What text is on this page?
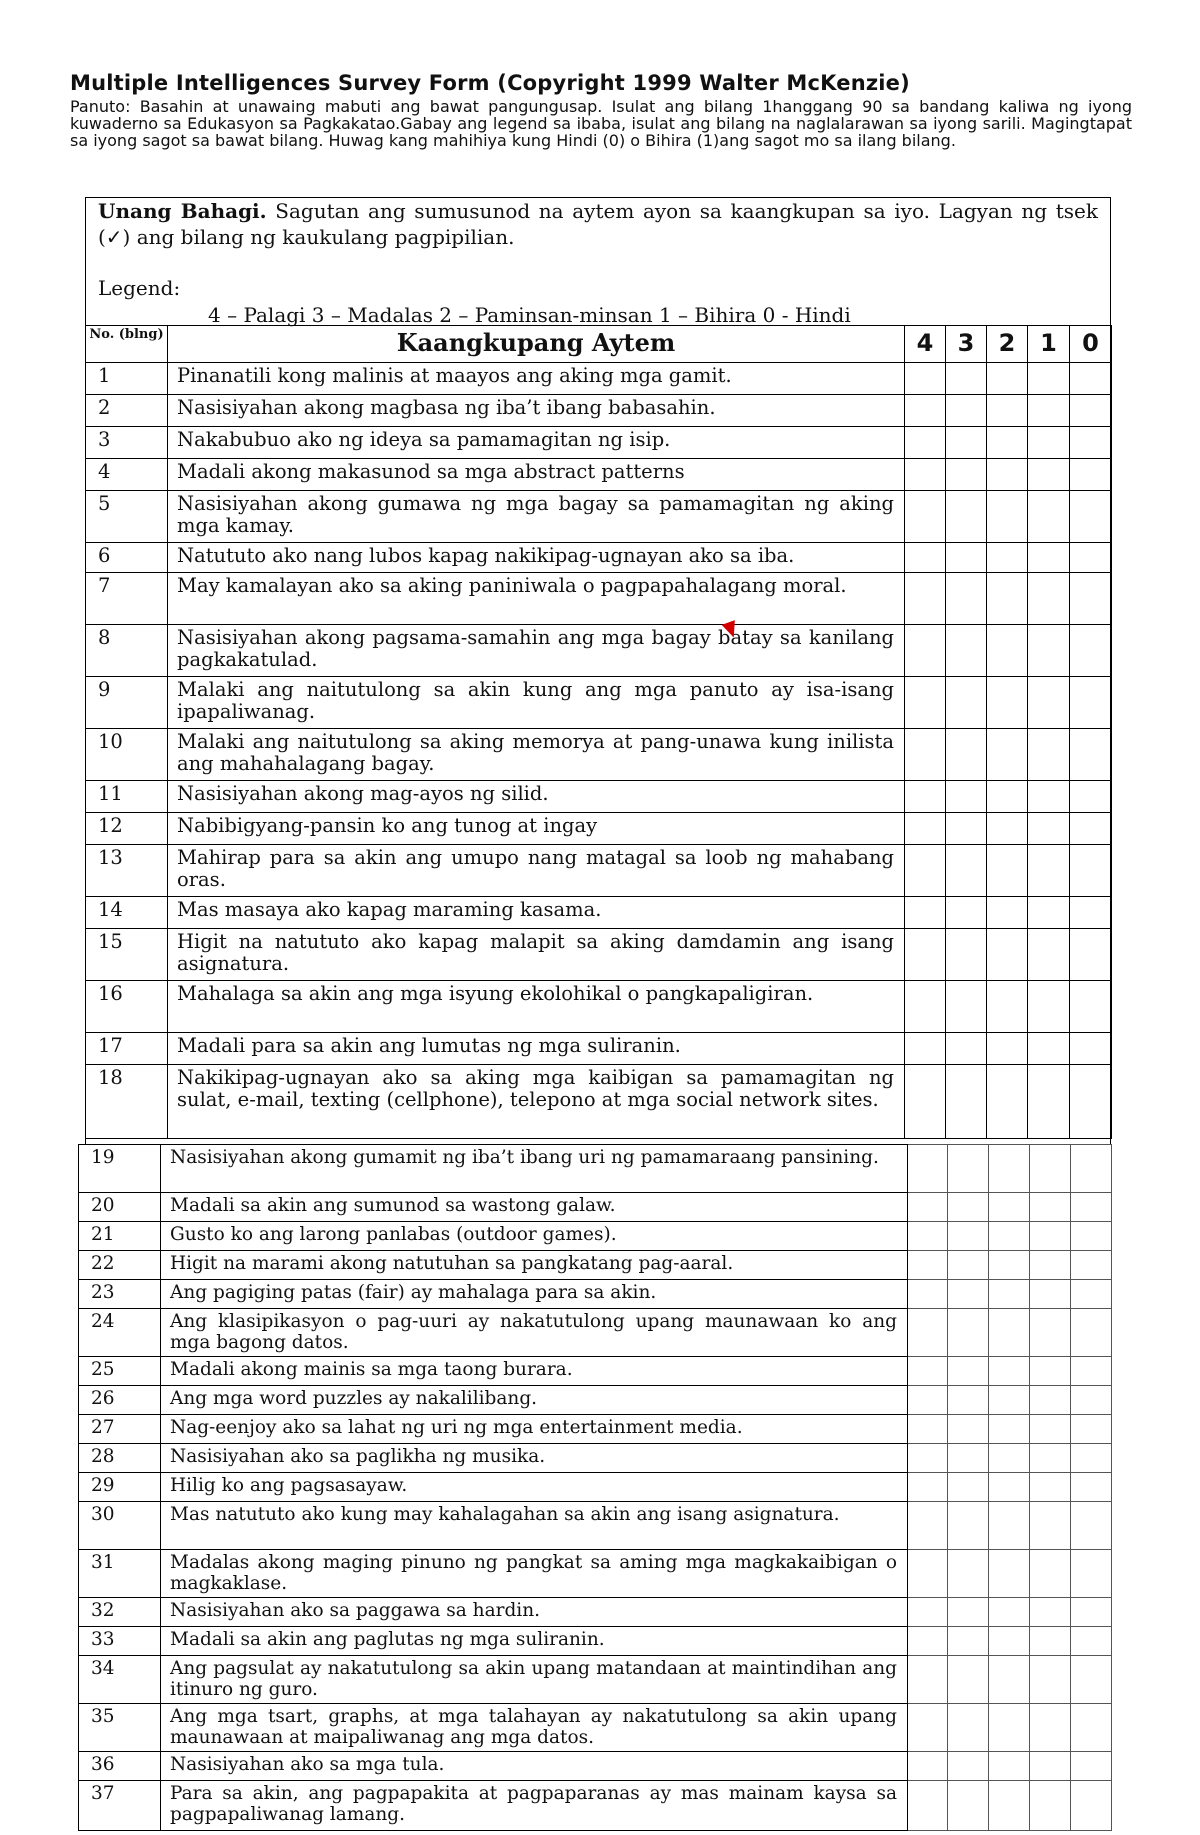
Multiple Intelligences Survey Form (Copyright 1999 Walter McKenzie)

Panuto: Basahin at unawaing mabuti ang bawat pangungusap. Isulat ang bilang 1hanggang 90 sa bandang kaliwa ng iyong kuwaderno sa Edukasyon sa Pagkakatao.Gabay ang legend sa ibaba, isulat ang bilang na naglalarawan sa iyong sarili. Magingtapat sa iyong sagot sa bawat bilang. Huwag kang mahihiya kung Hindi (0) o Bihira (1)ang sagot mo sa ilang bilang.

Unang Bahagi. Sagutan ang sumusunod na aytem ayon sa kaangkupan sa iyo. Lagyan ng tsek (✓) ang bilang ng kaukulang pagpipilian.
Legend:
4 – Palagi 3 – Madalas 2 – Paminsan-minsan 1 – Bihira 0 - Hindi
No. (blng)	Kaangkupang Aytem	4	3	2	1	0
1	Pinanatili kong malinis at maayos ang aking mga gamit.					
2	Nasisiyahan akong magbasa ng iba’t ibang babasahin.					
3	Nakabubuo ako ng ideya sa pamamagitan ng isip.					
4	Madali akong makasunod sa mga abstract patterns					
5	Nasisiyahan akong gumawa ng mga bagay sa pamamagitan ng aking mga kamay.					
6	Natututo ako nang lubos kapag nakikipag-ugnayan ako sa iba.					
7	May kamalayan ako sa aking paniniwala o pagpapahalagang moral.					
8	Nasisiyahan akong pagsama-samahin ang mga bagay batay sa kanilang pagkakatulad.					
9	Malaki ang naitutulong sa akin kung ang mga panuto ay isa-isang ipapaliwanag.					
10	Malaki ang naitutulong sa aking memorya at pang-unawa kung inilista ang mahahalagang bagay.					
11	Nasisiyahan akong mag-ayos ng silid.					
12	Nabibigyang-pansin ko ang tunog at ingay					
13	Mahirap para sa akin ang umupo nang matagal sa loob ng mahabang oras.					
14	Mas masaya ako kapag maraming kasama.					
15	Higit na natututo ako kapag malapit sa aking damdamin ang isang asignatura.					
16	Mahalaga sa akin ang mga isyung ekolohikal o pangkapaligiran.					
17	Madali para sa akin ang lumutas ng mga suliranin.					
18	Nakikipag-ugnayan ako sa aking mga kaibigan sa pamamagitan ng sulat, e-mail, texting (cellphone), telepono at mga social network sites.					
19	Nasisiyahan akong gumamit ng iba’t ibang uri ng pamamaraang pansining.					
20	Madali sa akin ang sumunod sa wastong galaw.					
21	Gusto ko ang larong panlabas (outdoor games).					
22	Higit na marami akong natutuhan sa pangkatang pag-aaral.					
23	Ang pagiging patas (fair) ay mahalaga para sa akin.					
24	Ang klasipikasyon o pag-uuri ay nakatutulong upang maunawaan ko ang mga bagong datos.					
25	Madali akong mainis sa mga taong burara.					
26	Ang mga word puzzles ay nakalilibang.					
27	Nag-eenjoy ako sa lahat ng uri ng mga entertainment media.					
28	Nasisiyahan ako sa paglikha ng musika.					
29	Hilig ko ang pagsasayaw.					
30	Mas natututo ako kung may kahalagahan sa akin ang isang asignatura.					
31	Madalas akong maging pinuno ng pangkat sa aming mga magkakaibigan o magkaklase.					
32	Nasisiyahan ako sa paggawa sa hardin.					
33	Madali sa akin ang paglutas ng mga suliranin.					
34	Ang pagsulat ay nakatutulong sa akin upang matandaan at maintindihan ang itinuro ng guro.					
35	Ang mga tsart, graphs, at mga talahayan ay nakatutulong sa akin upang maunawaan at maipaliwanag ang mga datos.					
36	Nasisiyahan ako sa mga tula.					
37	Para sa akin, ang pagpapakita at pagpaparanas ay mas mainam kaysa sa pagpapaliwanag lamang.					
